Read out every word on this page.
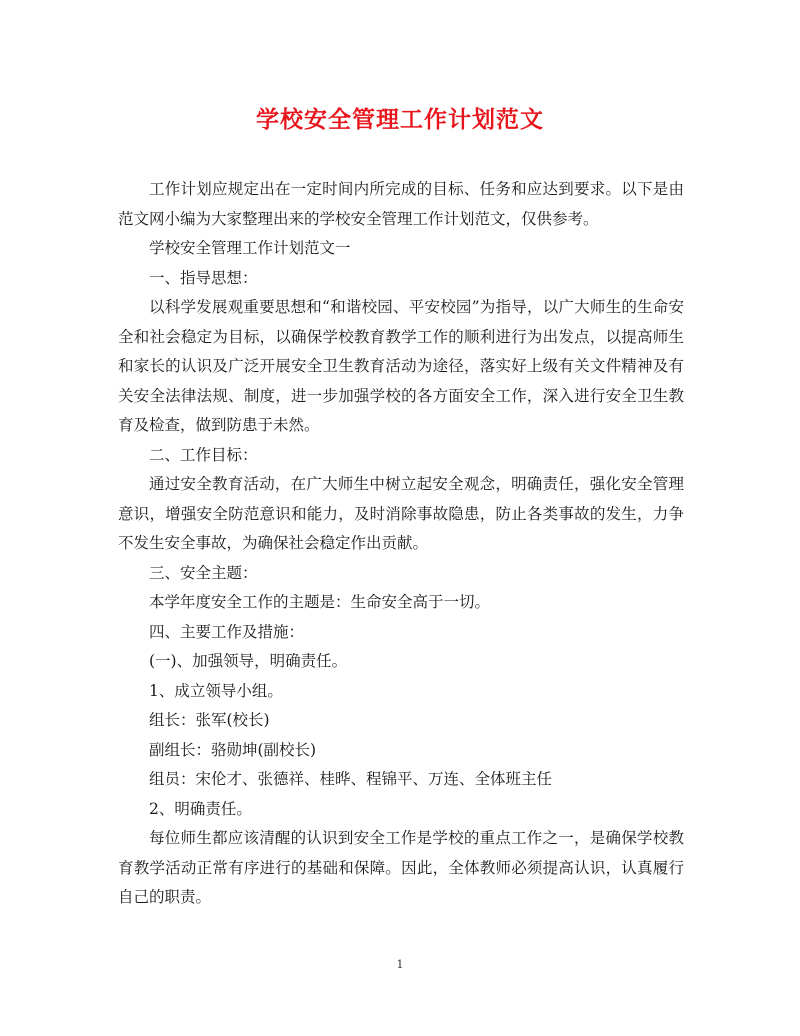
学校安全管理工作计划范文

工作计划应规定出在一定时间内所完成的目标、任务和应达到要求。以下是由范文网小编为大家整理出来的学校安全管理工作计划范文，仅供参考。

学校安全管理工作计划范文一

一、指导思想：

以科学发展观重要思想和“和谐校园、平安校园”为指导，以广大师生的生命安全和社会稳定为目标，以确保学校教育教学工作的顺利进行为出发点，以提高师生和家长的认识及广泛开展安全卫生教育活动为途径，落实好上级有关文件精神及有关安全法律法规、制度，进一步加强学校的各方面安全工作，深入进行安全卫生教育及检查，做到防患于未然。

二、工作目标：

通过安全教育活动，在广大师生中树立起安全观念，明确责任，强化安全管理意识，增强安全防范意识和能力，及时消除事故隐患，防止各类事故的发生，力争不发生安全事故，为确保社会稳定作出贡献。

三、安全主题：

本学年度安全工作的主题是：生命安全高于一切。

四、主要工作及措施：

(一)、加强领导，明确责任。

1、成立领导小组。

组长：张军(校长)

副组长：骆勋坤(副校长)

组员：宋伦才、张德祥、桂晔、程锦平、万连、全体班主任

2、明确责任。

每位师生都应该清醒的认识到安全工作是学校的重点工作之一，是确保学校教育教学活动正常有序进行的基础和保障。因此，全体教师必须提高认识，认真履行自己的职责。

1
